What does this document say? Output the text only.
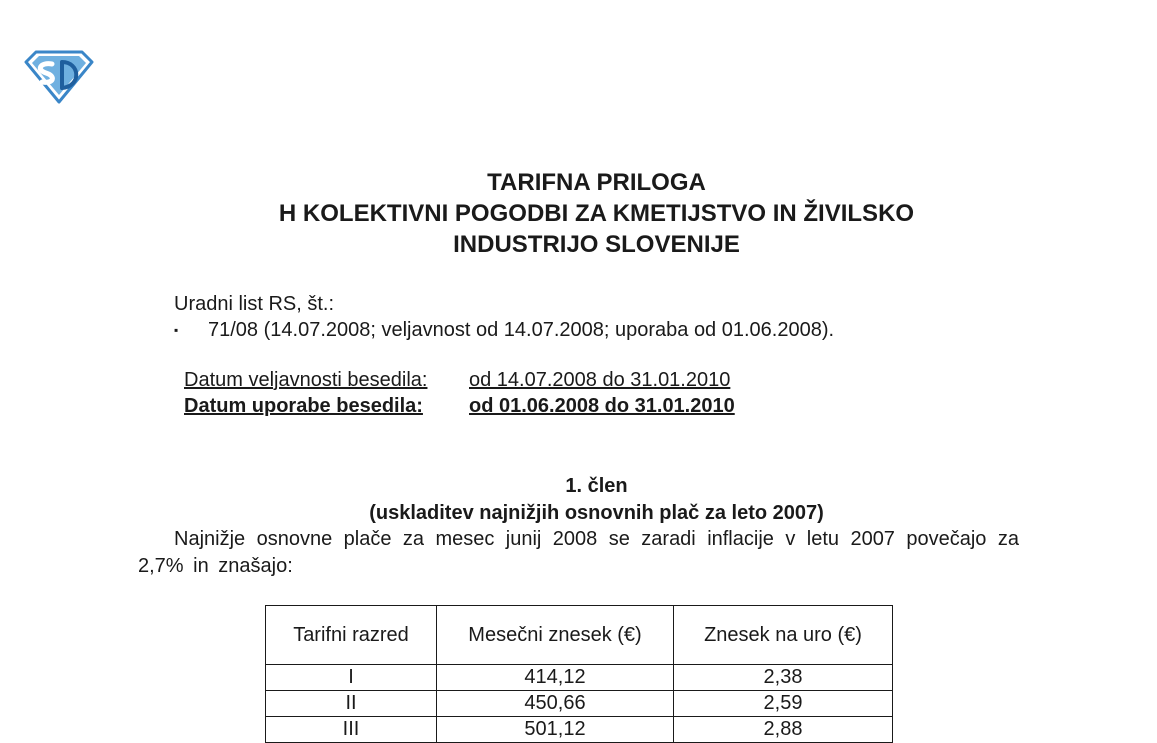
TARIFNA PRILOGA
H KOLEKTIVNI POGODBI ZA KMETIJSTVO IN ŽIVILSKO
INDUSTRIJO SLOVENIJE
Uradni list RS, št.:
▪	71/08 (14.07.2008; veljavnost od 14.07.2008; uporaba od 01.06.2008).
Datum veljavnosti besedila:	od 14.07.2008 do 31.01.2010
Datum uporabe besedila:	od 01.06.2008 do 31.01.2010
1. člen
(uskladitev najnižjih osnovnih plač za leto 2007)
Najnižje osnovne plače za mesec junij 2008 se zaradi inflacije v letu 2007 povečajo za 2,7% in znašajo:
Tarifni razred	Mesečni znesek (€)	Znesek na uro (€)
I	414,12	2,38
II	450,66	2,59
III	501,12	2,88
